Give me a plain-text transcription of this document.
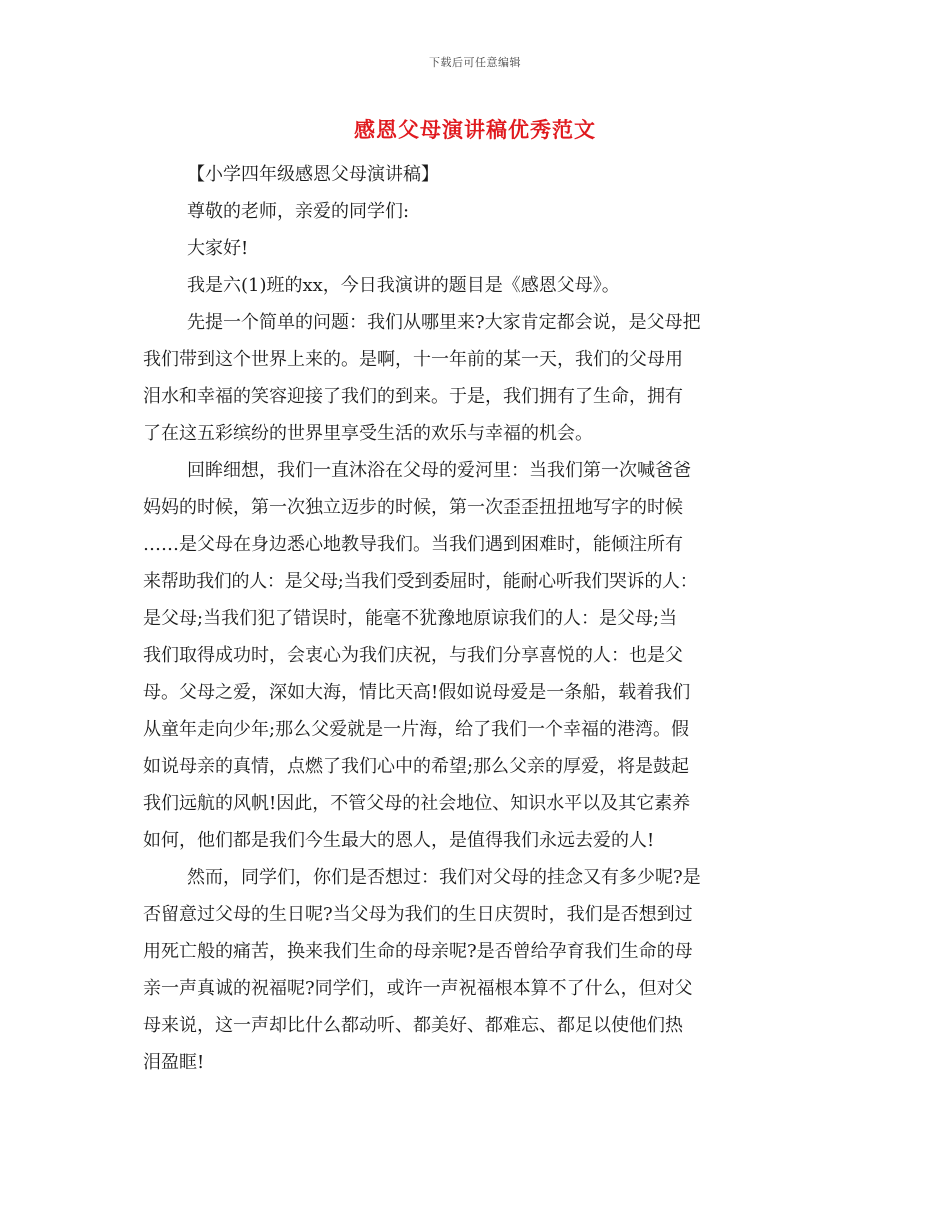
下载后可任意编辑
感恩父母演讲稿优秀范文
【小学四年级感恩父母演讲稿】
尊敬的老师，亲爱的同学们:
大家好!
我是六(1)班的xx，今日我演讲的题目是《感恩父母》。
先提一个简单的问题：我们从哪里来?大家肯定都会说，是父母把
我们带到这个世界上来的。是啊，十一年前的某一天，我们的父母用
泪水和幸福的笑容迎接了我们的到来。于是，我们拥有了生命，拥有
了在这五彩缤纷的世界里享受生活的欢乐与幸福的机会。
回眸细想，我们一直沐浴在父母的爱河里：当我们第一次喊爸爸
妈妈的时候，第一次独立迈步的时候，第一次歪歪扭扭地写字的时候
……是父母在身边悉心地教导我们。当我们遇到困难时，能倾注所有
来帮助我们的人：是父母;当我们受到委屈时，能耐心听我们哭诉的人：
是父母;当我们犯了错误时，能毫不犹豫地原谅我们的人：是父母;当
我们取得成功时，会衷心为我们庆祝，与我们分享喜悦的人：也是父
母。父母之爱，深如大海，情比天高!假如说母爱是一条船，载着我们
从童年走向少年;那么父爱就是一片海，给了我们一个幸福的港湾。假
如说母亲的真情，点燃了我们心中的希望;那么父亲的厚爱，将是鼓起
我们远航的风帆!因此，不管父母的社会地位、知识水平以及其它素养
如何，他们都是我们今生最大的恩人，是值得我们永远去爱的人!
然而，同学们，你们是否想过：我们对父母的挂念又有多少呢?是
否留意过父母的生日呢?当父母为我们的生日庆贺时，我们是否想到过
用死亡般的痛苦，换来我们生命的母亲呢?是否曾给孕育我们生命的母
亲一声真诚的祝福呢?同学们，或许一声祝福根本算不了什么，但对父
母来说，这一声却比什么都动听、都美好、都难忘、都足以使他们热
泪盈眶!
